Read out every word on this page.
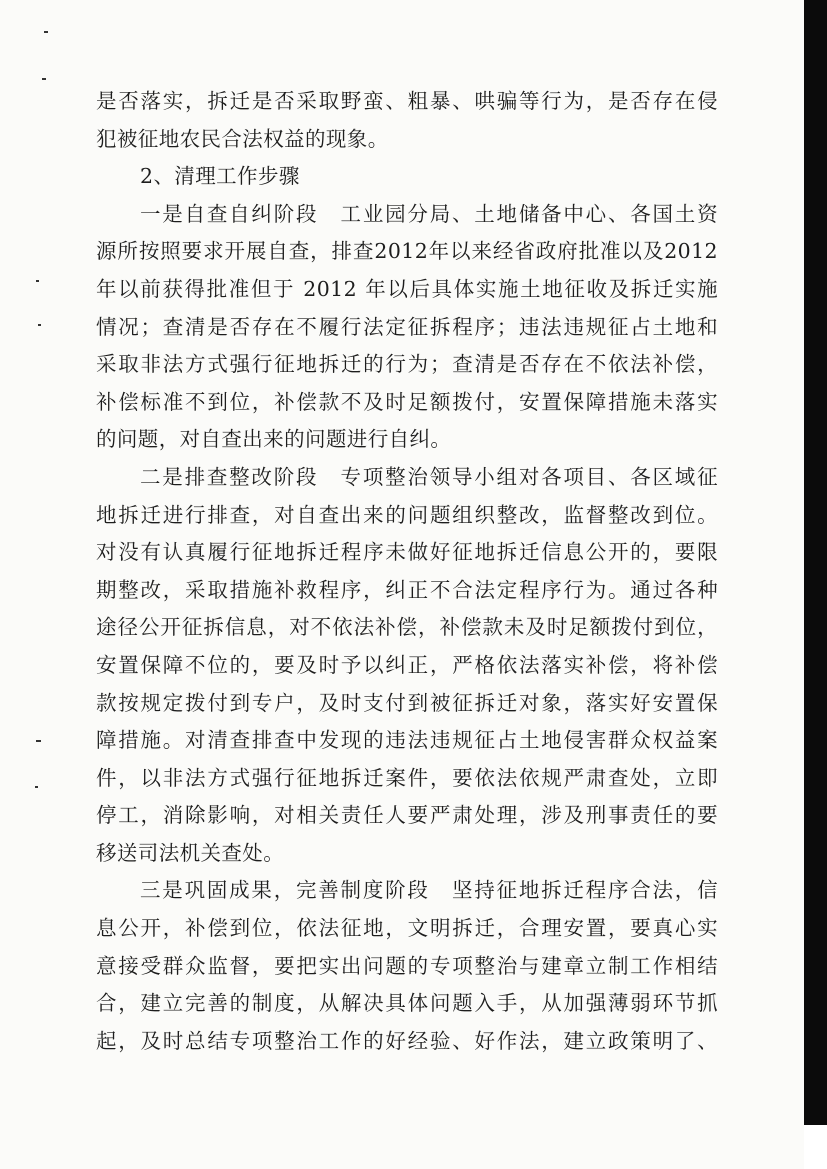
是否落实，拆迁是否采取野蛮、粗暴、哄骗等行为，是否存在侵
犯被征地农民合法权益的现象。
2、清理工作步骤
一是自查自纠阶段　工业园分局、土地储备中心、各国土资
源所按照要求开展自查，排查2012年以来经省政府批准以及2012
年以前获得批准但于 2012 年以后具体实施土地征收及拆迁实施
情况；查清是否存在不履行法定征拆程序；违法违规征占土地和
采取非法方式强行征地拆迁的行为；查清是否存在不依法补偿，
补偿标准不到位，补偿款不及时足额拨付，安置保障措施未落实
的问题，对自查出来的问题进行自纠。
二是排查整改阶段　专项整治领导小组对各项目、各区域征
地拆迁进行排查，对自查出来的问题组织整改，监督整改到位。
对没有认真履行征地拆迁程序未做好征地拆迁信息公开的，要限
期整改，采取措施补救程序，纠正不合法定程序行为。通过各种
途径公开征拆信息，对不依法补偿，补偿款未及时足额拨付到位，
安置保障不位的，要及时予以纠正，严格依法落实补偿，将补偿
款按规定拨付到专户，及时支付到被征拆迁对象，落实好安置保
障措施。对清查排查中发现的违法违规征占土地侵害群众权益案
件，以非法方式强行征地拆迁案件，要依法依规严肃查处，立即
停工，消除影响，对相关责任人要严肃处理，涉及刑事责任的要
移送司法机关查处。
三是巩固成果，完善制度阶段　坚持征地拆迁程序合法，信
息公开，补偿到位，依法征地，文明拆迁，合理安置，要真心实
意接受群众监督，要把实出问题的专项整治与建章立制工作相结
合，建立完善的制度，从解决具体问题入手，从加强薄弱环节抓
起，及时总结专项整治工作的好经验、好作法，建立政策明了、
